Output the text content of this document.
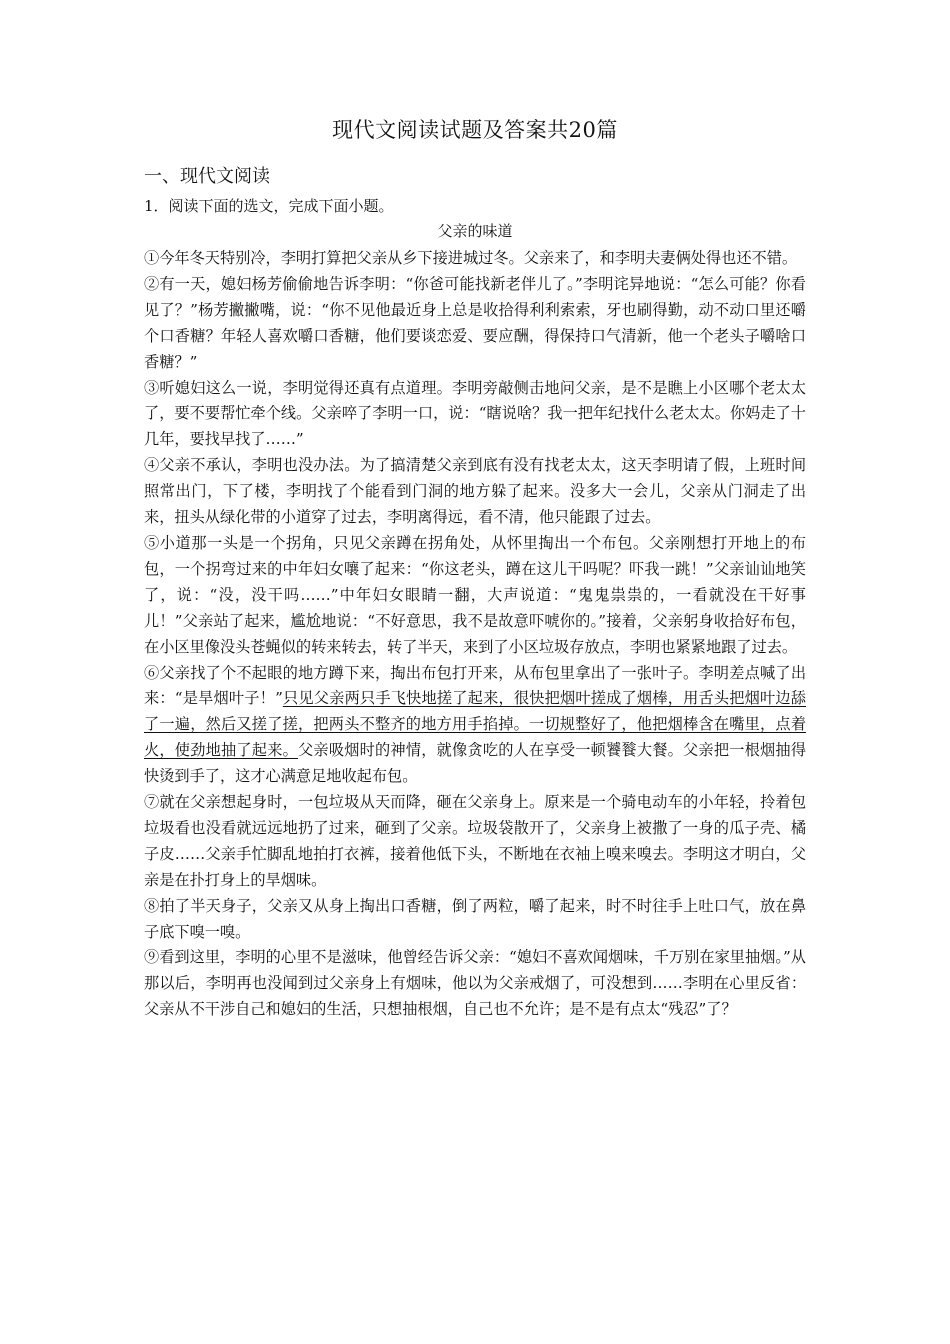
现代文阅读试题及答案共20篇
一、现代文阅读
1．阅读下面的选文，完成下面小题。
父亲的味道

①今年冬天特别冷，李明打算把父亲从乡下接进城过冬。父亲来了，和李明夫妻俩处得也还不错。

②有一天，媳妇杨芳偷偷地告诉李明：“你爸可能找新老伴儿了。”李明诧异地说：“怎么可能？你看见了？”杨芳撇撇嘴，说：“你不见他最近身上总是收拾得利利索索，牙也刷得勤，动不动口里还嚼个口香糖？年轻人喜欢嚼口香糖，他们要谈恋爱、要应酬，得保持口气清新，他一个老头子嚼啥口香糖？”

③听媳妇这么一说，李明觉得还真有点道理。李明旁敲侧击地问父亲，是不是瞧上小区哪个老太太了，要不要帮忙牵个线。父亲啐了李明一口，说：“瞎说啥？我一把年纪找什么老太太。你妈走了十几年，要找早找了……”

④父亲不承认，李明也没办法。为了搞清楚父亲到底有没有找老太太，这天李明请了假，上班时间照常出门，下了楼，李明找了个能看到门洞的地方躲了起来。没多大一会儿，父亲从门洞走了出来，扭头从绿化带的小道穿了过去，李明离得远，看不清，他只能跟了过去。

⑤小道那一头是一个拐角，只见父亲蹲在拐角处，从怀里掏出一个布包。父亲刚想打开地上的布包，一个拐弯过来的中年妇女嚷了起来：“你这老头，蹲在这儿干吗呢？吓我一跳！”父亲讪讪地笑了，说：“没，没干吗……”中年妇女眼睛一翻，大声说道：“鬼鬼祟祟的，一看就没在干好事儿！”父亲站了起来，尴尬地说：“不好意思，我不是故意吓唬你的。”接着，父亲躬身收拾好布包，在小区里像没头苍蝇似的转来转去，转了半天，来到了小区垃圾存放点，李明也紧紧地跟了过去。

⑥父亲找了个不起眼的地方蹲下来，掏出布包打开来，从布包里拿出了一张叶子。李明差点喊了出来：“是旱烟叶子！”只见父亲两只手飞快地搓了起来，很快把烟叶搓成了烟棒，用舌头把烟叶边舔了一遍，然后又搓了搓，把两头不整齐的地方用手掐掉。一切规整好了，他把烟棒含在嘴里，点着火，使劲地抽了起来。父亲吸烟时的神情，就像贪吃的人在享受一顿饕餮大餐。父亲把一根烟抽得快烫到手了，这才心满意足地收起布包。

⑦就在父亲想起身时，一包垃圾从天而降，砸在父亲身上。原来是一个骑电动车的小年轻，拎着包垃圾看也没看就远远地扔了过来，砸到了父亲。垃圾袋散开了，父亲身上被撒了一身的瓜子壳、橘子皮……父亲手忙脚乱地拍打衣裤，接着他低下头，不断地在衣袖上嗅来嗅去。李明这才明白，父亲是在扑打身上的旱烟味。

⑧拍了半天身子，父亲又从身上掏出口香糖，倒了两粒，嚼了起来，时不时往手上吐口气，放在鼻子底下嗅一嗅。

⑨看到这里，李明的心里不是滋味，他曾经告诉父亲：“媳妇不喜欢闻烟味，千万别在家里抽烟。”从那以后，李明再也没闻到过父亲身上有烟味，他以为父亲戒烟了，可没想到……李明在心里反省：父亲从不干涉自己和媳妇的生活，只想抽根烟，自己也不允许；是不是有点太“残忍”了？
